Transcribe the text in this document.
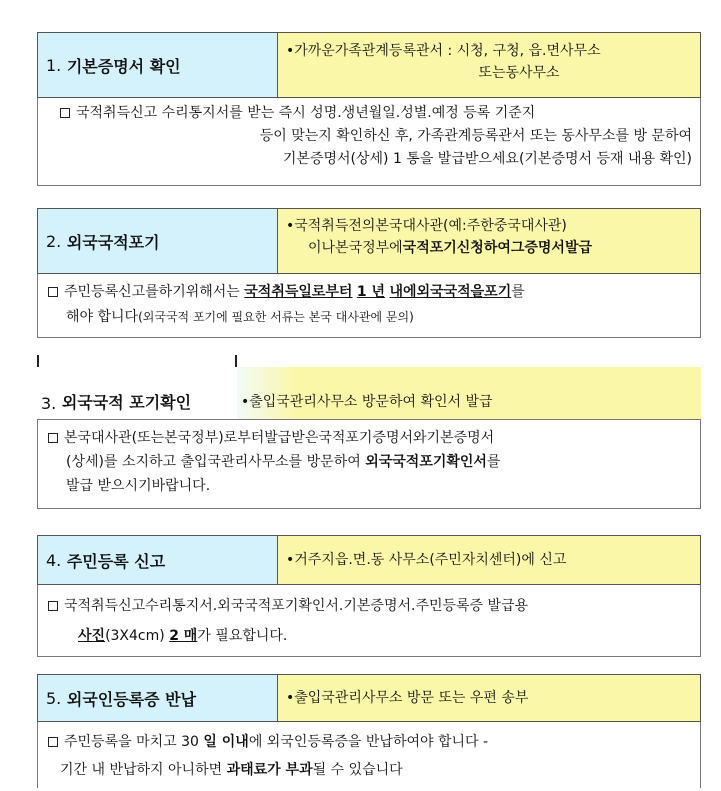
1.
기본증명서 확인
•가까운가족관계등록관서 : 시청, 구청, 읍.면사무소
또는동사무소
국적취득신고 수리통지서를 받는 즉시 성명.생년월일.성별.예정 등록 기준지
등이 맞는지 확인하신 후, 가족관계등록관서 또는 동사무소를 방 문하여
기본증명서(상세) 1 통을 발급받으세요(기본증명서 등재 내용 확인)
2.
외국국적포기
•국적취득전의본국대사관(예:주한중국대사관)
이나본국정부에국적포기신청하여그증명서발급
주민등록신고를하기위해서는 국적취득일로부터 1 년 내에외국국적을포기를
해야 합니다(외국국적 포기에 필요한 서류는 본국 대사관에 문의)
3.
외국국적 포기확인	•출입국관리사무소 방문하여 확인서 발급
본국대사관(또는본국정부)로부터발급받은국적포기증명서와기본증명서
(상세)를 소지하고 출입국관리사무소를 방문하여 외국국적포기확인서를
발급 받으시기바랍니다.
4.
주민등록 신고	•거주지읍.면.동 사무소(주민자치센터)에 신고
국적취득신고수리통지서.외국국적포기확인서.기본증명서.주민등록증 발급용
사진(3X4cm) 2 매가 필요합니다.
5.
외국인등록증 반납	•출입국관리사무소 방문 또는 우편 송부
주민등록을 마치고 30 일 이내에 외국인등록증을 반납하여야 합니다 -
기간 내 반납하지 아니하면 과태료가 부과될 수 있습니다
